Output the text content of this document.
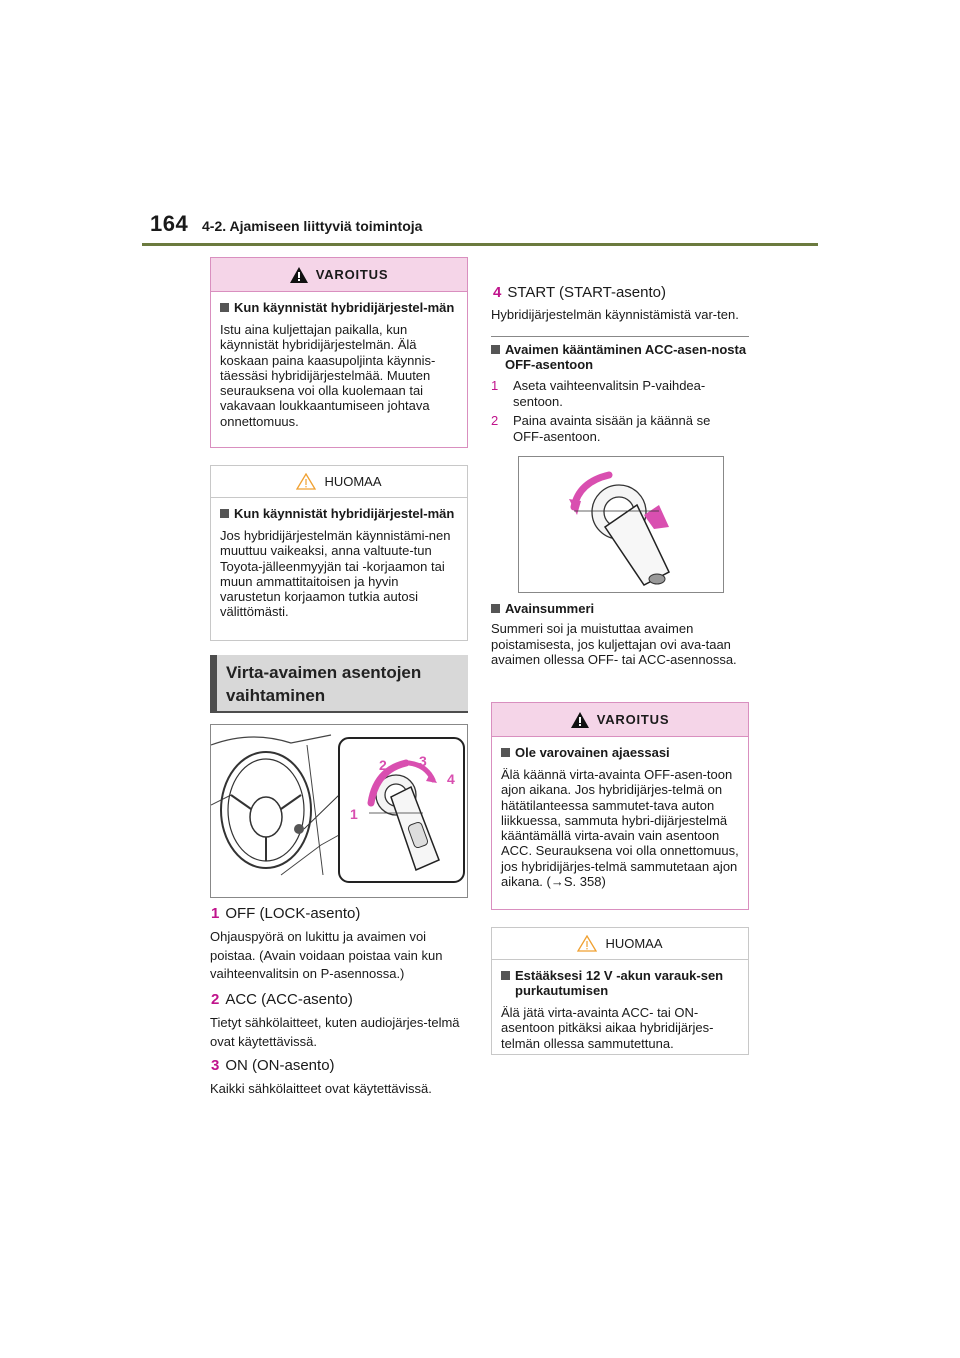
164 4-2. Ajamiseen liittyviä toimintoja
VAROITUS
Kun käynnistät hybridijärjestel-män
Istu aina kuljettajan paikalla, kun käynnistät hybridijärjestelmän. Älä koskaan paina kaasupoljinta käynnis-täessäsi hybridijärjestelmää. Muuten seurauksena voi olla kuolemaan tai vakavaan loukkaantumiseen johtava onnettomuus.
HUOMAA
Kun käynnistät hybridijärjestel-män
Jos hybridijärjestelmän käynnistämi-nen muuttuu vaikeaksi, anna valtuute-tun Toyota-jälleenmyyjän tai -korjaamon tai muun ammattitaitoisen ja hyvin varustetun korjaamon tutkia autosi välittömästi.
Virta-avaimen asentojen
vaihtaminen
1
2 3
4
1 OFF (LOCK-asento)
Ohjauspyörä on lukittu ja avaimen voi poistaa. (Avain voidaan poistaa vain kun vaihteenvalitsin on P-asennossa.)
2 ACC (ACC-asento)
Tietyt sähkölaitteet, kuten audiojärjes-telmä ovat käytettävissä.
3 ON (ON-asento)
Kaikki sähkölaitteet ovat käytettävissä.
4 START (START-asento)
Hybridijärjestelmän käynnistämistä var-ten.
Avaimen kääntäminen ACC-asen-nosta OFF-asentoon
1	Aseta vaihteenvalitsin P-vaihdea-sentoon.
2	Paina avainta sisään ja käännä se OFF-asentoon.
Avainsummeri
Summeri soi ja muistuttaa avaimen poistamisesta, jos kuljettajan ovi ava-taan avaimen ollessa OFF- tai ACC-asennossa.
VAROITUS
Ole varovainen ajaessasi
Älä käännä virta-avainta OFF-asen-toon ajon aikana. Jos hybridijärjes-telmä on hätätilanteessa sammutet-tava auton liikkuessa, sammuta hybri-dijärjestelmä kääntämällä virta-avain vain asentoon ACC. Seurauksena voi olla onnettomuus, jos hybridijärjes-telmä sammutetaan ajon aikana. (→S. 358)
HUOMAA
Estääksesi 12 V -akun varauk-sen purkautumisen
Älä jätä virta-avainta ACC- tai ON-asentoon pitkäksi aikaa hybridijärjes-telmän ollessa sammutettuna.
